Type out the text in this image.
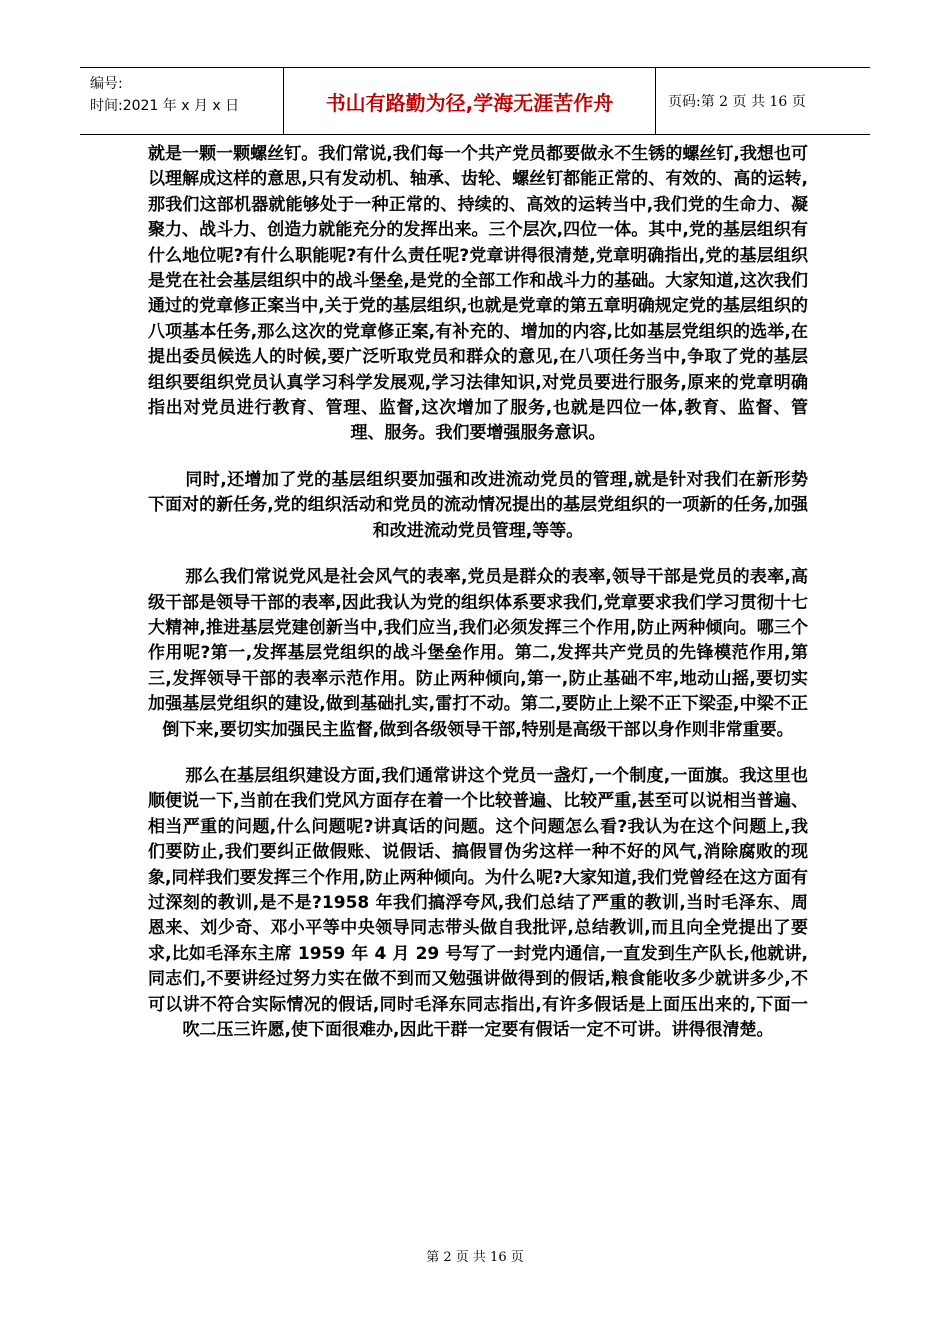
编号:
时间:2021 年 x 月 x 日	书山有路勤为径,学海无涯苦作舟	页码:第 2 页 共 16 页

就是一颗一颗螺丝钉。我们常说,我们每一个共产党员都要做永不生锈的螺丝钉,我想也可以理解成这样的意思,只有发动机、轴承、齿轮、螺丝钉都能正常的、有效的、高的运转,那我们这部机器就能够处于一种正常的、持续的、高效的运转当中,我们党的生命力、凝聚力、战斗力、创造力就能充分的发挥出来。三个层次,四位一体。其中,党的基层组织有什么地位呢?有什么职能呢?有什么责任呢?党章讲得很清楚,党章明确指出,党的基层组织是党在社会基层组织中的战斗堡垒,是党的全部工作和战斗力的基础。大家知道,这次我们通过的党章修正案当中,关于党的基层组织,也就是党章的第五章明确规定党的基层组织的八项基本任务,那么这次的党章修正案,有补充的、增加的内容,比如基层党组织的选举,在提出委员候选人的时候,要广泛听取党员和群众的意见,在八项任务当中,争取了党的基层组织要组织党员认真学习科学发展观,学习法律知识,对党员要进行服务,原来的党章明确指出对党员进行教育、管理、监督,这次增加了服务,也就是四位一体,教育、监督、管理、服务。我们要增强服务意识。

同时,还增加了党的基层组织要加强和改进流动党员的管理,就是针对我们在新形势下面对的新任务,党的组织活动和党员的流动情况提出的基层党组织的一项新的任务,加强和改进流动党员管理,等等。

那么我们常说党风是社会风气的表率,党员是群众的表率,领导干部是党员的表率,高级干部是领导干部的表率,因此我认为党的组织体系要求我们,党章要求我们学习贯彻十七大精神,推进基层党建创新当中,我们应当,我们必须发挥三个作用,防止两种倾向。哪三个作用呢?第一,发挥基层党组织的战斗堡垒作用。第二,发挥共产党员的先锋模范作用,第三,发挥领导干部的表率示范作用。防止两种倾向,第一,防止基础不牢,地动山摇,要切实加强基层党组织的建设,做到基础扎实,雷打不动。第二,要防止上梁不正下梁歪,中梁不正倒下来,要切实加强民主监督,做到各级领导干部,特别是高级干部以身作则非常重要。

那么在基层组织建设方面,我们通常讲这个党员一盏灯,一个制度,一面旗。我这里也顺便说一下,当前在我们党风方面存在着一个比较普遍、比较严重,甚至可以说相当普遍、相当严重的问题,什么问题呢?讲真话的问题。这个问题怎么看?我认为在这个问题上,我们要防止,我们要纠正做假账、说假话、搞假冒伪劣这样一种不好的风气,消除腐败的现象,同样我们要发挥三个作用,防止两种倾向。为什么呢?大家知道,我们党曾经在这方面有过深刻的教训,是不是?1958 年我们搞浮夸风,我们总结了严重的教训,当时毛泽东、周恩来、刘少奇、邓小平等中央领导同志带头做自我批评,总结教训,而且向全党提出了要求,比如毛泽东主席 1959 年 4 月 29 号写了一封党内通信,一直发到生产队长,他就讲,同志们,不要讲经过努力实在做不到而又勉强讲做得到的假话,粮食能收多少就讲多少,不可以讲不符合实际情况的假话,同时毛泽东同志指出,有许多假话是上面压出来的,下面一吹二压三许愿,使下面很难办,因此干群一定要有假话一定不可讲。讲得很清楚。

第 2 页 共 16 页
